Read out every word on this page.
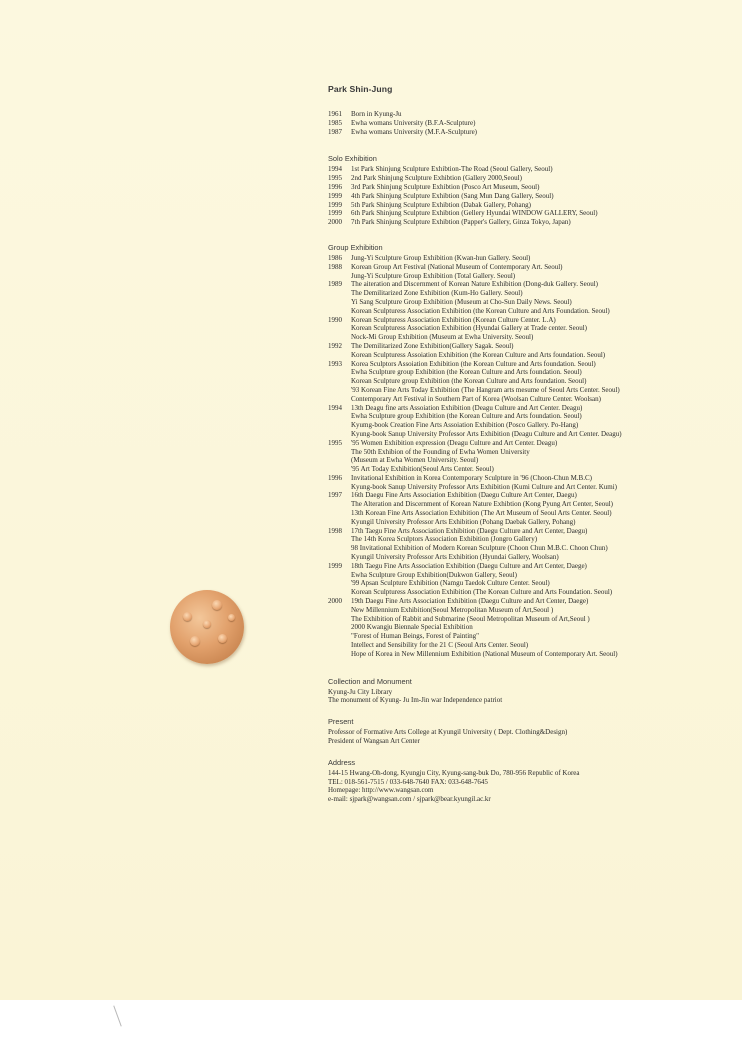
Park Shin-Jung
1961	Born in Kyung-Ju
1985	Ewha womans University (B.F.A-Sculpture)
1987	Ewha womans University (M.F.A-Sculpture)
Solo Exhibition
1994	1st Park Shinjung Sculpture Exhibtion-The Road (Seoul Gallery, Seoul)
1995	2nd Park Shinjung Sculpture Exhibtion (Gallery 2000,Seoul)
1996	3rd Park Shinjung Sculpture Exhibtion (Posco Art Museum, Seoul)
1999	4th Park Shinjung Sculpture Exhibtion (Sang Mun Dang Gallery, Seoul)
1999	5th Park Shinjung Sculpture Exhibtion (Dabak Gallery, Pohang)
1999	6th Park Shinjung Sculpture Exhibtion (Gellery Hyundai WINDOW GALLERY, Seoul)
2000	7th Park Shinjung Sculpture Exhibtion (Papper's Gallery, Ginza Tokyo, Japan)
Group Exhibition
1986	Jung-Yi Sculpture Group Exhibition (Kwan-hun Gallery. Seoul)
1988	Korean Group Art Festival (National Museum of Contemporary Art. Seoul)
Jung-Yi Sculpture Group Exhibition (Total Gallery. Seoul)
1989	The aiteration and Discernment of Korean Nature Exhibition (Dong-duk Gallery. Seoul)
The Demilitarized Zone Exhibition (Kum-Ho Gallery. Seoul)
Yi Sang Sculpture Group Exhibition (Museum at Cho-Sun Daily News. Seoul)
Korean Sculpturess Association Exhibition (the Korean Culture and Arts Foundation. Seoul)
1990	Korean Sculpturess Association Exhibition (Korean Culture Center. L.A)
Korean Sculpturess Association Exhibition (Hyundai Gallery at Trade center. Seoul)
Nock-Mi Group Exhibition (Museum at Ewha University. Seoul)
1992	The Demilitarized Zone Exhibition(Gallery Sagak. Seoul)
Korean Sculpturess Assoiation Exhibition (the Korean Culture and Arts foundation. Seoul)
1993	Korea Sculptors Assoiation Exhibition (the Korean Culture and Arts foundation. Seoul)
Ewha Sculpture group Exhibition (the Korean Culture and Arts foundation. Seoul)
Korean Sculpture group Exhibition (the Korean Culture and Arts foundation. Seoul)
'93 Korean Fine Arts Today Exhibition (The Hangram arts mesume of Seoul Arts Center. Seoul)
Contemporary Art Festival in Southern Part of Korea (Woolsan Culture Center. Woolsan)
1994	13th Deagu fine arts Assoiation Exhibition (Deagu Culture and Art Center. Deagu)
Ewha Sculpture group Exhibition (the Korean Culture and Arts foundation. Seoul)
Kyumg-book Creation Fine Arts Assoiation Exhibition (Posco Gallery. Po-Hang)
Kyung-book Sanup University Professor Arts Exhibition (Deagu Culture and Art Center. Deagu)
1995	'95 Women Exhibition expression (Deagu Culture and Art Center. Deagu)
The 50th Exhibion of the Founding of Ewha Women University
(Museum at Ewha Women University. Seoul)
'95 Art Today Exhibition(Seoul Arts Center. Seoul)
1996	Invitational Exhibition in Korea Contemporary Sculpture in '96 (Choon-Chun M.B.C)
Kyung-book Sanup University Professor Arts Exhibition (Kumi Culture and Art Center. Kumi)
1997	16th Daegu Fine Arts Association Exhibition (Daegu Culture Art Center, Daegu)
The Alteration and Discernment of Korean Nature Exhibtion (Kong Pyung Art Center, Seoul)
13th Korean Fine Arts Association Exhibition (The Art Museum of Seoul Arts Center. Seoul)
Kyungil University Professor Arts Exhibition (Pohang Daebak Gallery, Pohang)
1998	17th Taegu Fine Arts Association Exhibition (Daegu Culture and Art Center, Daegu)
The 14th Korea Sculptors Association Exhibition (Jongro Gallery)
98 Invitational Exhibition of Modern Korean Sculpture (Choon Chun M.B.C. Choon Chun)
Kyungil University Professor Arts Exhibition (Hyundai Gallery, Woolsan)
1999	18th Taegu Fine Arts Association Exhibition (Daegu Culture and Art Center, Daege)
Ewha Sculpture Group Exhibition(Dukwon Gallery, Seoul)
'99 Apsan Sculpture Exhibition (Namgu Taedok Culture Center. Seoul)
Korean Sculpturess Association Exhibition (The Korean Culture and Arts Foundation. Seoul)
2000	19th Daegu Fine Arts Association Exhibition (Daegu Culture and Art Center, Daege)
New Millennium Exhibition(Seoul Metropolitan Museum of Art,Seoul )
The Exhibition of Rabbit and Submarine (Seoul Metropolitan Museum of Art,Seoul )
2000 Kwangju Biennale Special Exhibition
"Forest of Human Beings, Forest of Painting"
Intellect and Sensibility for the 21 C (Seoul Arts Center. Seoul)
Hope of Korea in New Millennium Exhibition (National Museum of Contemporary Art. Seoul)
Collection and Monument
Kyung-Ju City Library
The monument of Kyung- Ju Im-Jin war Independence patriot
Present
Professor of Formative Arts College at Kyungil University ( Dept. Clothing&Design)
President of Wangsan Art Center
Address
144-15 Hwang-Oh-dong, Kyungju City, Kyung-sang-buk Do, 780-956 Republic of Korea
TEL: 018-561-7515 / 033-648-7640 FAX: 033-648-7645
Homepage: http://www.wangsan.com
e-mail: sjpark@wangsan.com / sjpark@bear.kyungil.ac.kr
